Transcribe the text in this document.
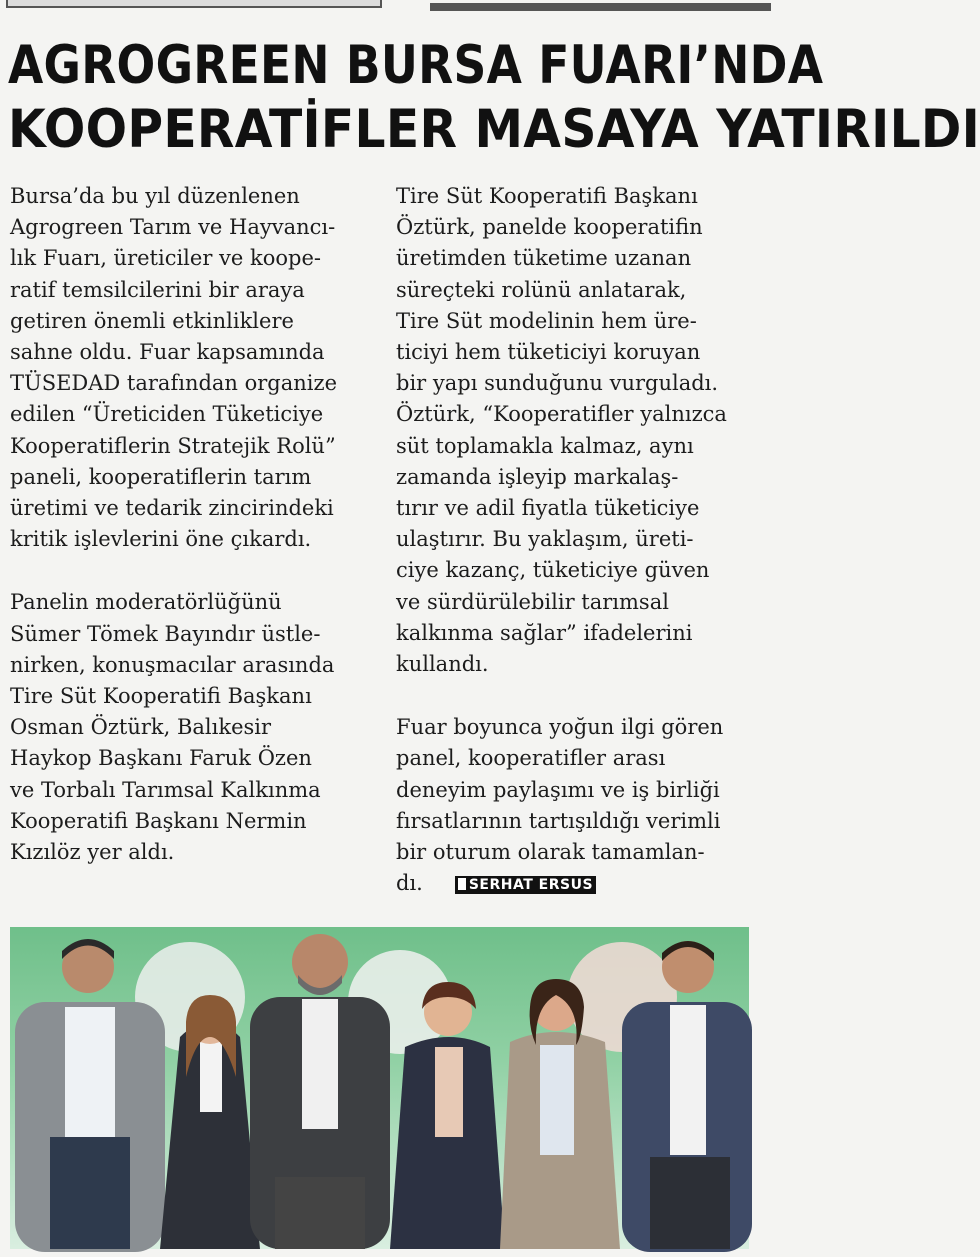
AGROGREEN BURSA FUARI’NDA
KOOPERATİFLER MASAYA YATIRILDI

Bursa’da bu yıl düzenlenen
Agrogreen Tarım ve Hayvancı-
lık Fuarı, üreticiler ve koope-
ratif temsilcilerini bir araya
getiren önemli etkinliklere
sahne oldu. Fuar kapsamında
TÜSEDAD tarafından organize
edilen “Üreticiden Tüketiciye
Kooperatiflerin Stratejik Rolü”
paneli, kooperatiflerin tarım
üretimi ve tedarik zincirindeki
kritik işlevlerini öne çıkardı.

Panelin moderatörlüğünü
Sümer Tömek Bayındır üstle-
nirken, konuşmacılar arasında
Tire Süt Kooperatifi Başkanı
Osman Öztürk, Balıkesir
Haykop Başkanı Faruk Özen
ve Torbalı Tarımsal Kalkınma
Kooperatifi Başkanı Nermin
Kızılöz yer aldı.

Tire Süt Kooperatifi Başkanı
Öztürk, panelde kooperatifin
üretimden tüketime uzanan
süreçteki rolünü anlatarak,
Tire Süt modelinin hem üre-
ticiyi hem tüketiciyi koruyan
bir yapı sunduğunu vurguladı.
Öztürk, “Kooperatifler yalnızca
süt toplamakla kalmaz, aynı
zamanda işleyip markalaş-
tırır ve adil fiyatla tüketiciye
ulaştırır. Bu yaklaşım, üreti-
ciye kazanç, tüketiciye güven
ve sürdürülebilir tarımsal
kalkınma sağlar” ifadelerini
kullandı.

Fuar boyunca yoğun ilgi gören
panel, kooperatifler arası
deneyim paylaşımı ve iş birliği
fırsatlarının tartışıldığı verimli
bir oturum olarak tamamlan-
dı.	SERHAT ERSUS
